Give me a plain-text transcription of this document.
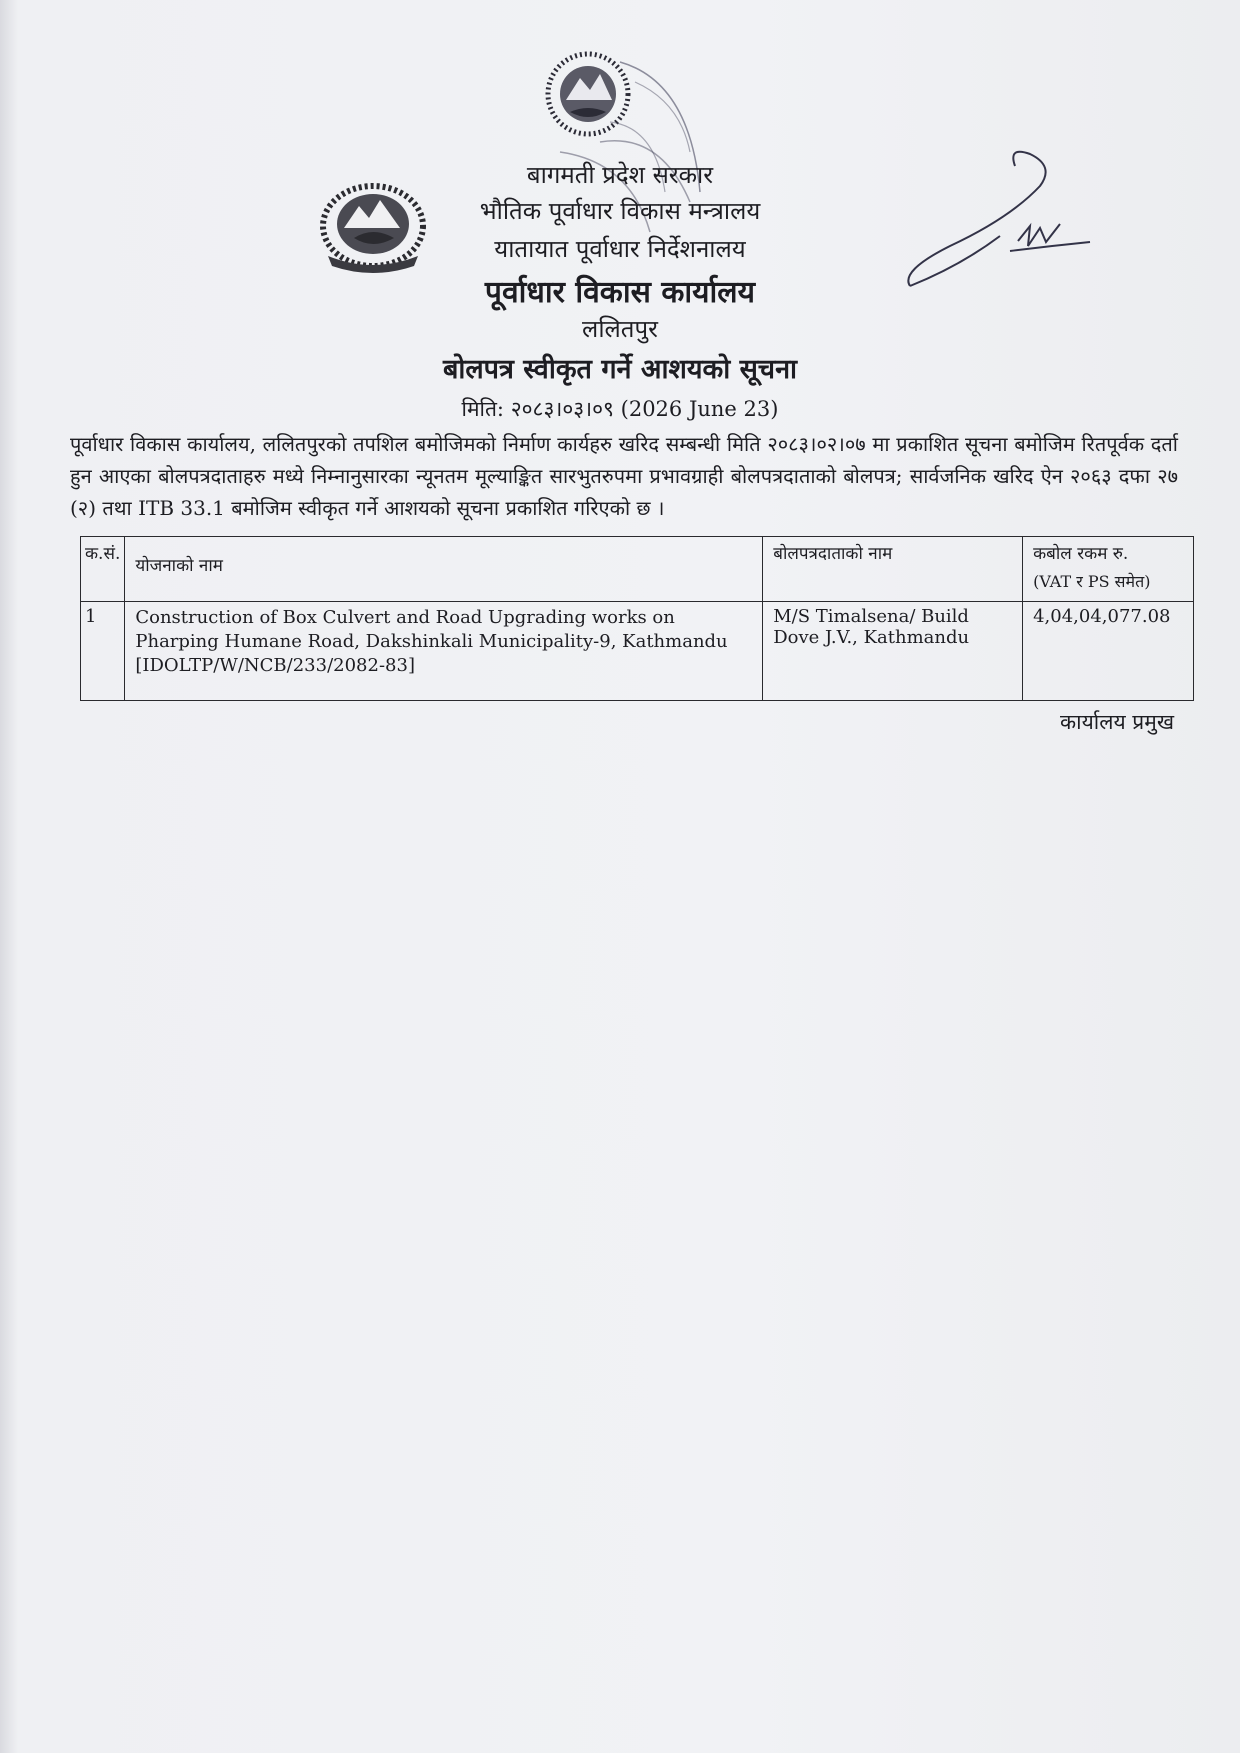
बागमती प्रदेश सरकार
भौतिक पूर्वाधार विकास मन्त्रालय
यातायात पूर्वाधार निर्देशनालय
पूर्वाधार विकास कार्यालय
ललितपुर
बोलपत्र स्वीकृत गर्ने आशयको सूचना
मिति: २०८३।०३।०९ (2026 June 23)
पूर्वाधार विकास कार्यालय, ललितपुरको तपशिल बमोजिमको निर्माण कार्यहरु खरिद सम्बन्धी मिति २०८३।०२।०७ मा प्रकाशित सूचना बमोजिम रितपूर्वक दर्ता हुन आएका बोलपत्रदाताहरु मध्ये निम्नानुसारका न्यूनतम मूल्याङ्कित सारभुतरुपमा प्रभावग्राही बोलपत्रदाताको बोलपत्र; सार्वजनिक खरिद ऐन २०६३ दफा २७ (२) तथा ITB 33.1 बमोजिम स्वीकृत गर्ने आशयको सूचना प्रकाशित गरिएको छ ।
क.सं.	योजनाको नाम	बोलपत्रदाताको नाम	कबोल रकम रु.
(VAT र PS समेत)

1	Construction of Box Culvert and Road Upgrading works on Pharping Humane Road, Dakshinkali Municipality-9, Kathmandu [IDOLTP/W/NCB/233/2082-83]	M/S Timalsena/ Build Dove J.V., Kathmandu	4,04,04,077.08
कार्यालय प्रमुख
